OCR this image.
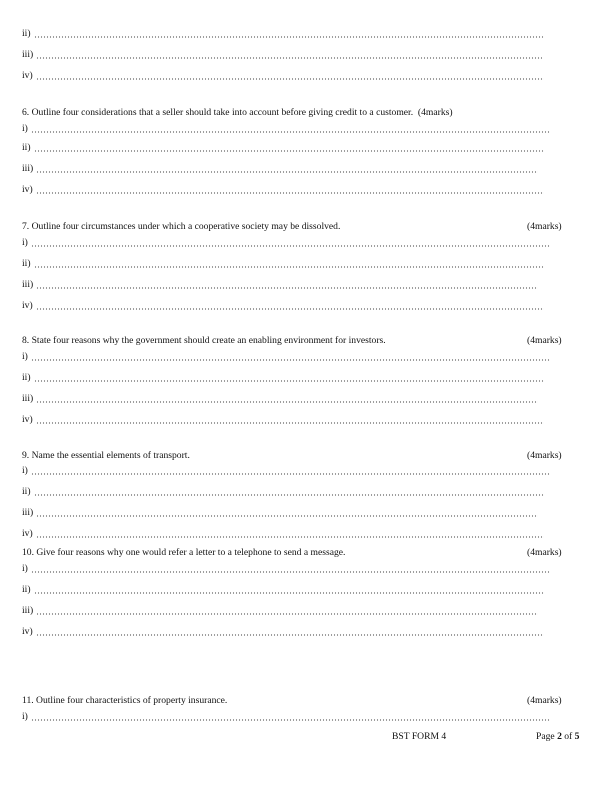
ii)
iii)
iv)
6. Outline four considerations that a seller should take into account before giving credit to a customer. (4marks)
i)
ii)
iii)
iv)
7. Outline four circumstances under which a cooperative society may be dissolved.	(4marks)
i)
ii)
iii)
iv)
8. State four reasons why the government should create an enabling environment for investors.	(4marks)
i)
ii)
iii)
iv)
9. Name the essential elements of transport.	(4marks)
i)
ii)
iii)
iv)
10. Give four reasons why one would refer a letter to a telephone to send a message.	(4marks)
i)
ii)
iii)
iv)
11. Outline four characteristics of property insurance.	(4marks)
i)
BST FORM 4	Page 2 of 5
